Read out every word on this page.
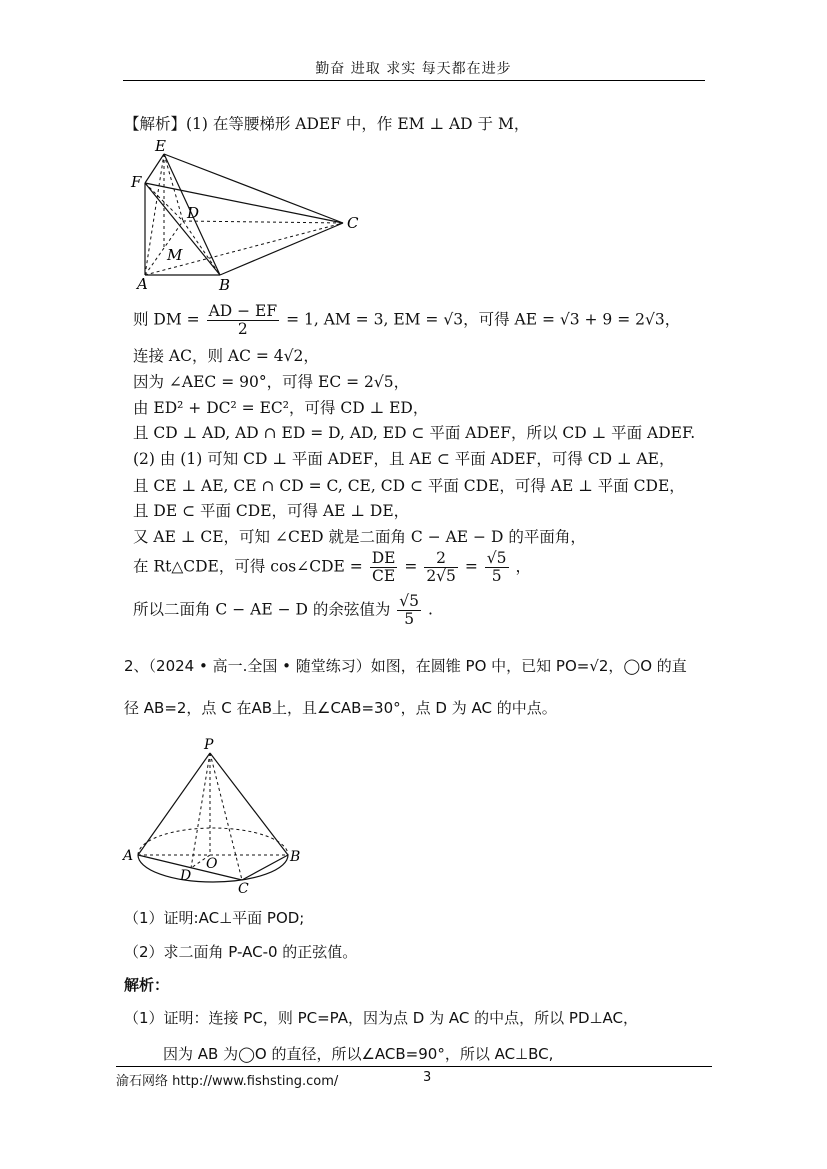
勤奋 进取 求实 每天都在进步
【解析】(1) 在等腰梯形 ADEF 中，作 EM ⊥ AD 于 M，
E
F
D
C
M
A	B
则 DM = $\frac{AD - EF}{2} = 1$, AM = 3, EM = √3，可得 AE = √3 + 9 = 2√3，
连接 AC，则 AC = 4√2，
因为 ∠AEC = 90°，可得 EC = 2√5，
由 ED² + DC² = EC²，可得 CD ⊥ ED，
且 CD ⊥ AD, AD ∩ ED = D, AD, ED ⊂ 平面 ADEF，所以 CD ⊥ 平面 ADEF.
(2) 由 (1) 可知 CD ⊥ 平面 ADEF，且 AE ⊂ 平面 ADEF，可得 CD ⊥ AE，
且 CE ⊥ AE, CE ∩ CD = C, CE, CD ⊂ 平面 CDE，可得 AE ⊥ 平面 CDE，
且 DE ⊂ 平面 CDE，可得 AE ⊥ DE，
又 AE ⊥ CE，可知 ∠CED 就是二面角 C − AE − D 的平面角，
在 Rt△CDE，可得 cos∠CDE = $\frac{DE}{CE} = \frac{2}{2√5} = \frac{√5}{5}$ ，
所以二面角 C − AE − D 的余弦值为 $\frac{√5}{5}$ .
2、（2024 • 高一.全国 • 随堂练习）如图，在圆锥 PO 中，已知 PO=√2，◯O 的直
径 AB=2，点 C 在AB上，且∠CAB=30°，点 D 为 AC 的中点。
P
A	O	B
D
C
（1）证明:AC⊥平面 POD;
（2）求二面角 P-AC-0 的正弦值。
解析：
（1）证明：连接 PC，则 PC=PA，因为点 D 为 AC 的中点，所以 PD⊥AC，
因为 AB 为◯O 的直径，所以∠ACB=90°，所以 AC⊥BC,
渝石网络 http://www.fishsting.com/	3
